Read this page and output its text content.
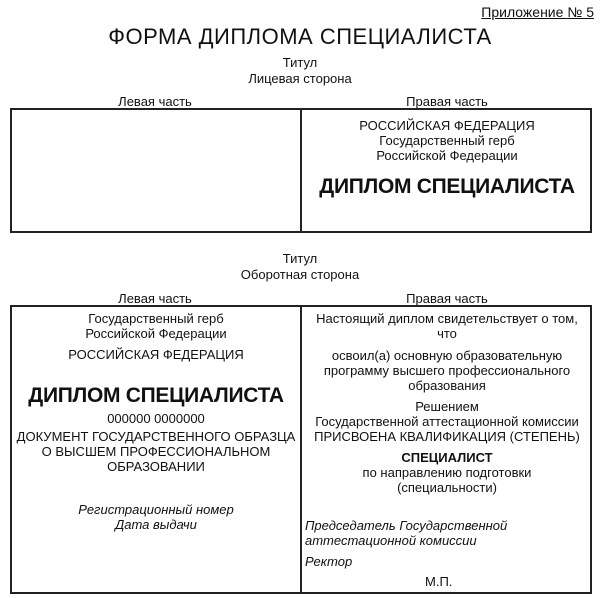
Приложение № 5
ФОРМА ДИПЛОМА СПЕЦИАЛИСТА
Титул
Лицевая сторона
Левая часть	Правая часть
РОССИЙСКАЯ ФЕДЕРАЦИЯ
Государственный герб
Российской Федерации
ДИПЛОМ СПЕЦИАЛИСТА
Титул
Оборотная сторона
Левая часть	Правая часть
Государственный герб
Российской Федерации
РОССИЙСКАЯ ФЕДЕРАЦИЯ
ДИПЛОМ СПЕЦИАЛИСТА
000000 0000000
ДОКУМЕНТ ГОСУДАРСТВЕННОГО ОБРАЗЦА
О ВЫСШЕМ ПРОФЕССИОНАЛЬНОМ
ОБРАЗОВАНИИ
Регистрационный номер
Дата выдачи
Настоящий диплом свидетельствует о том,
что
освоил(а) основную образовательную
программу высшего профессионального
образования
Решением
Государственной аттестационной комиссии
ПРИСВОЕНА КВАЛИФИКАЦИЯ (СТЕПЕНЬ)
СПЕЦИАЛИСТ
по направлению подготовки
(специальности)
Председатель Государственной
аттестационной комиссии
Ректор
М.П.
